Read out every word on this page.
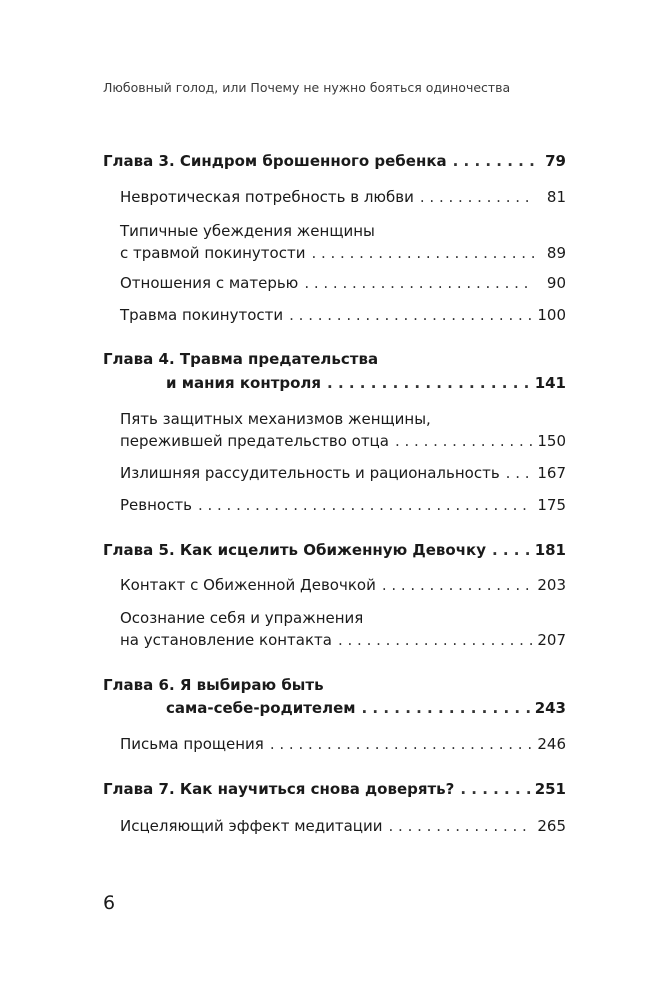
Любовный голод, или Почему не нужно бояться одиночества
Глава 3. Синдром брошенного ребенка . . .	79
Невротическая потребность в любви . . .	81
Типичные убеждения женщины
с травмой покинутости . . .	89
Отношения с матерью . . .	90
Травма покинутости . . .	100
Глава 4. Травма предательства
и мания контроля . . .	141
Пять защитных механизмов женщины,
пережившей предательство отца . . .	150
Излишняя рассудительность и рациональность . . .	167
Ревность . . .	175
Глава 5. Как исцелить Обиженную Девочку . . .	181
Контакт с Обиженной Девочкой . . .	203
Осознание себя и упражнения
на установление контакта . . .	207
Глава 6. Я выбираю быть
сама-себе-родителем . . .	243
Письма прощения . . .	246
Глава 7. Как научиться снова доверять? . . .	251
Исцеляющий эффект медитации . . .	265
6
